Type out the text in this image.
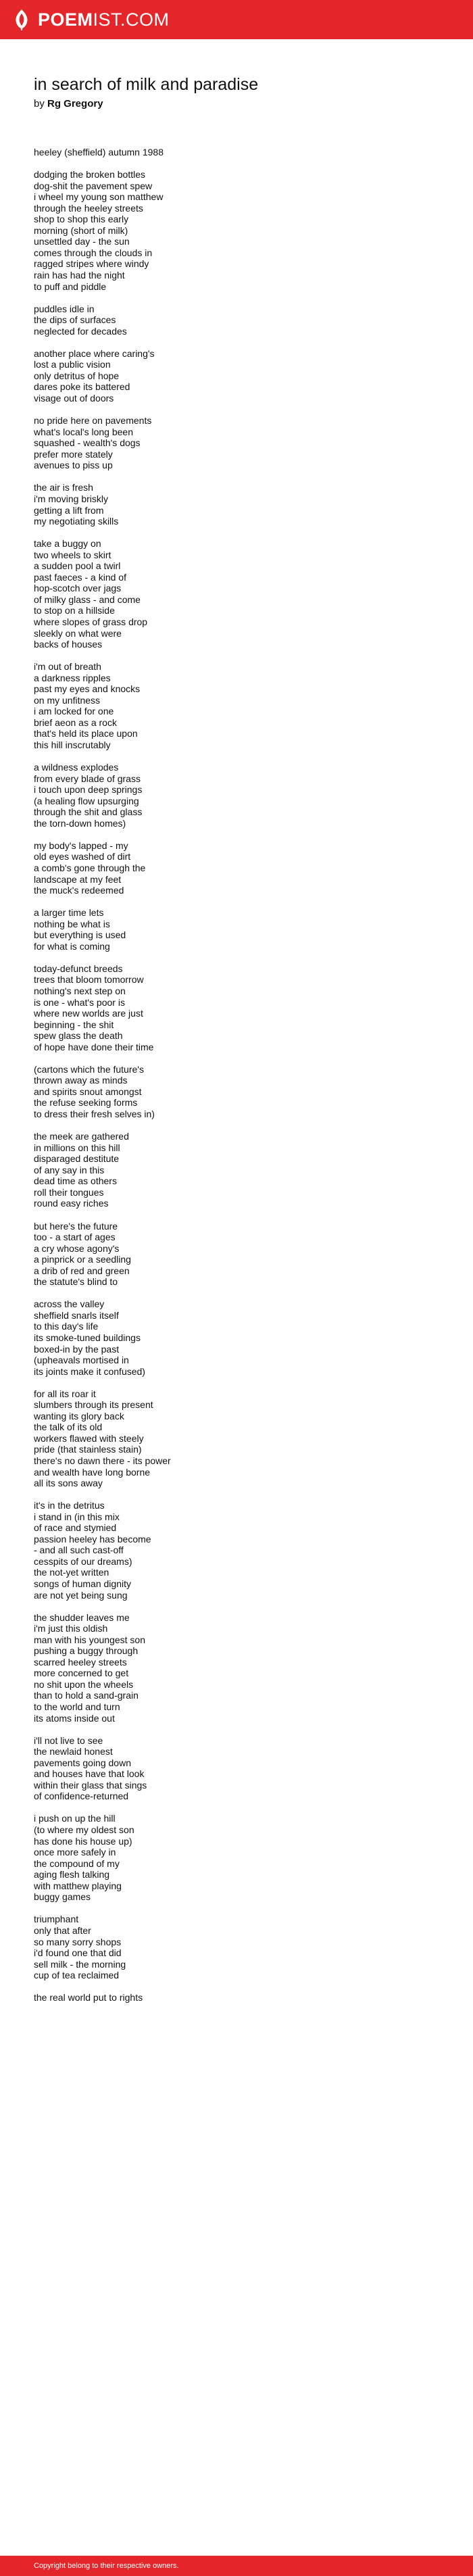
POEMIST.COM
in search of milk and paradise

by Rg Gregory

heeley (sheffield) autumn 1988
dodging the broken bottles
dog-shit the pavement spew
i wheel my young son matthew
through the heeley streets
shop to shop this early
morning (short of milk)
unsettled day - the sun
comes through the clouds in
ragged stripes where windy
rain has had the night
to puff and piddle
puddles idle in
the dips of surfaces
neglected for decades
another place where caring's
lost a public vision
only detritus of hope
dares poke its battered
visage out of doors
no pride here on pavements
what's local's long been
squashed - wealth's dogs
prefer more stately
avenues to piss up
the air is fresh
i'm moving briskly
getting a lift from
my negotiating skills
take a buggy on
two wheels to skirt
a sudden pool a twirl
past faeces - a kind of
hop-scotch over jags
of milky glass - and come
to stop on a hillside
where slopes of grass drop
sleekly on what were
backs of houses
i'm out of breath
a darkness ripples
past my eyes and knocks
on my unfitness
i am locked for one
brief aeon as a rock
that's held its place upon
this hill inscrutably
a wildness explodes
from every blade of grass
i touch upon deep springs
(a healing flow upsurging
through the shit and glass
the torn-down homes)
my body's lapped - my
old eyes washed of dirt
a comb's gone through the
landscape at my feet
the muck's redeemed
a larger time lets
nothing be what is
but everything is used
for what is coming
today-defunct breeds
trees that bloom tomorrow
nothing's next step on
is one - what's poor is
where new worlds are just
beginning - the shit
spew glass the death
of hope have done their time
(cartons which the future's
thrown away as minds
and spirits snout amongst
the refuse seeking forms
to dress their fresh selves in)
the meek are gathered
in millions on this hill
disparaged destitute
of any say in this
dead time as others
roll their tongues
round easy riches
but here's the future
too - a start of ages
a cry whose agony's
a pinprick or a seedling
a drib of red and green
the statute's blind to
across the valley
sheffield snarls itself
to this day's life
its smoke-tuned buildings
boxed-in by the past
(upheavals mortised in
its joints make it confused)
for all its roar it
slumbers through its present
wanting its glory back
the talk of its old
workers flawed with steely
pride (that stainless stain)
there's no dawn there - its power
and wealth have long borne
all its sons away
it's in the detritus
i stand in (in this mix
of race and stymied
passion heeley has become
- and all such cast-off
cesspits of our dreams)
the not-yet written
songs of human dignity
are not yet being sung
the shudder leaves me
i'm just this oldish
man with his youngest son
pushing a buggy through
scarred heeley streets
more concerned to get
no shit upon the wheels
than to hold a sand-grain
to the world and turn
its atoms inside out
i'll not live to see
the newlaid honest
pavements going down
and houses have that look
within their glass that sings
of confidence-returned
i push on up the hill
(to where my oldest son
has done his house up)
once more safely in
the compound of my
aging flesh talking
with matthew playing
buggy games
triumphant
only that after
so many sorry shops
i'd found one that did
sell milk - the morning
cup of tea reclaimed
the real world put to rights
Copyright belong to their respective owners.
